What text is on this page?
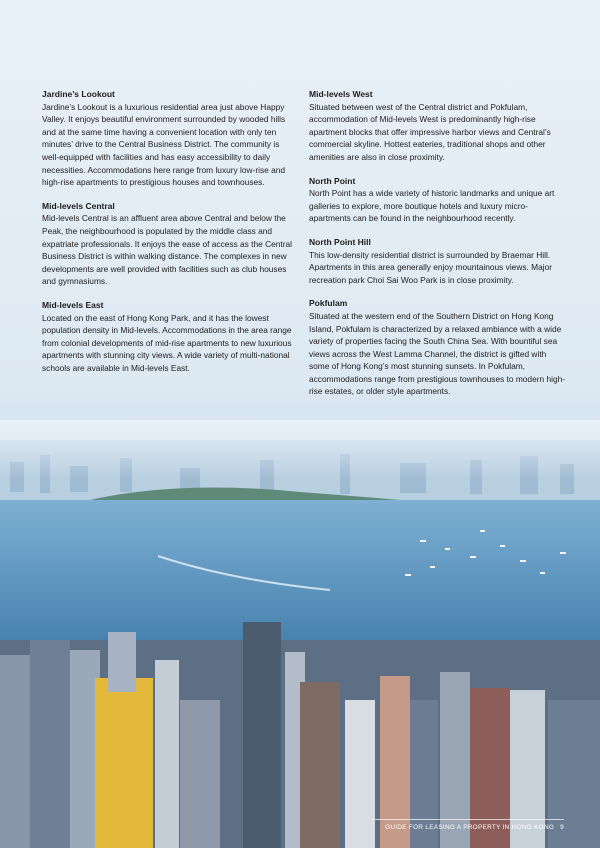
Jardine’s Lookout

Jardine’s Lookout is a luxurious residential area just above Happy Valley. It enjoys beautiful environment surrounded by wooded hills and at the same time having a convenient location with only ten minutes’ drive to the Central Business District. The community is well-equipped with facilities and has easy accessibility to daily necessities. Accommodations here range from luxury low-rise and high-rise apartments to prestigious houses and townhouses.

Mid-levels Central

Mid-levels Central is an affluent area above Central and below the Peak, the neighbourhood is populated by the middle class and expatriate professionals. It enjoys the ease of access as the Central Business District is within walking distance. The complexes in new developments are well provided with facilities such as club houses and gymnasiums.

Mid-levels East

Located on the east of Hong Kong Park, and it has the lowest population density in Mid-levels. Accommodations in the area range from colonial developments of mid-rise apartments to new luxurious apartments with stunning city views. A wide variety of multi-national schools are available in Mid-levels East.

Mid-levels West

Situated between west of the Central district and Pokfulam, accommodation of Mid-levels West is predominantly high-rise apartment blocks that offer impressive harbor views and Central’s commercial skyline. Hottest eateries, traditional shops and other amenities are also in close proximity.

North Point

North Point has a wide variety of historic landmarks and unique art galleries to explore, more boutique hotels and luxury micro-apartments can be found in the neighbourhood recently.

North Point Hill

This low-density residential district is surrounded by Braemar Hill. Apartments in this area generally enjoy mountainous views. Major recreation park Choi Sai Woo Park is in close proximity.

Pokfulam

Situated at the western end of the Southern District on Hong Kong Island, Pokfulam is characterized by a relaxed ambiance with a wide variety of properties facing the South China Sea. With bountiful sea views across the West Lamma Channel, the district is gifted with some of Hong Kong’s most stunning sunsets. In Pokfulam, accommodations range from prestigious townhouses to modern high-rise estates, or older style apartments.

GUIDE FOR LEASING A PROPERTY IN HONG KONG 9
